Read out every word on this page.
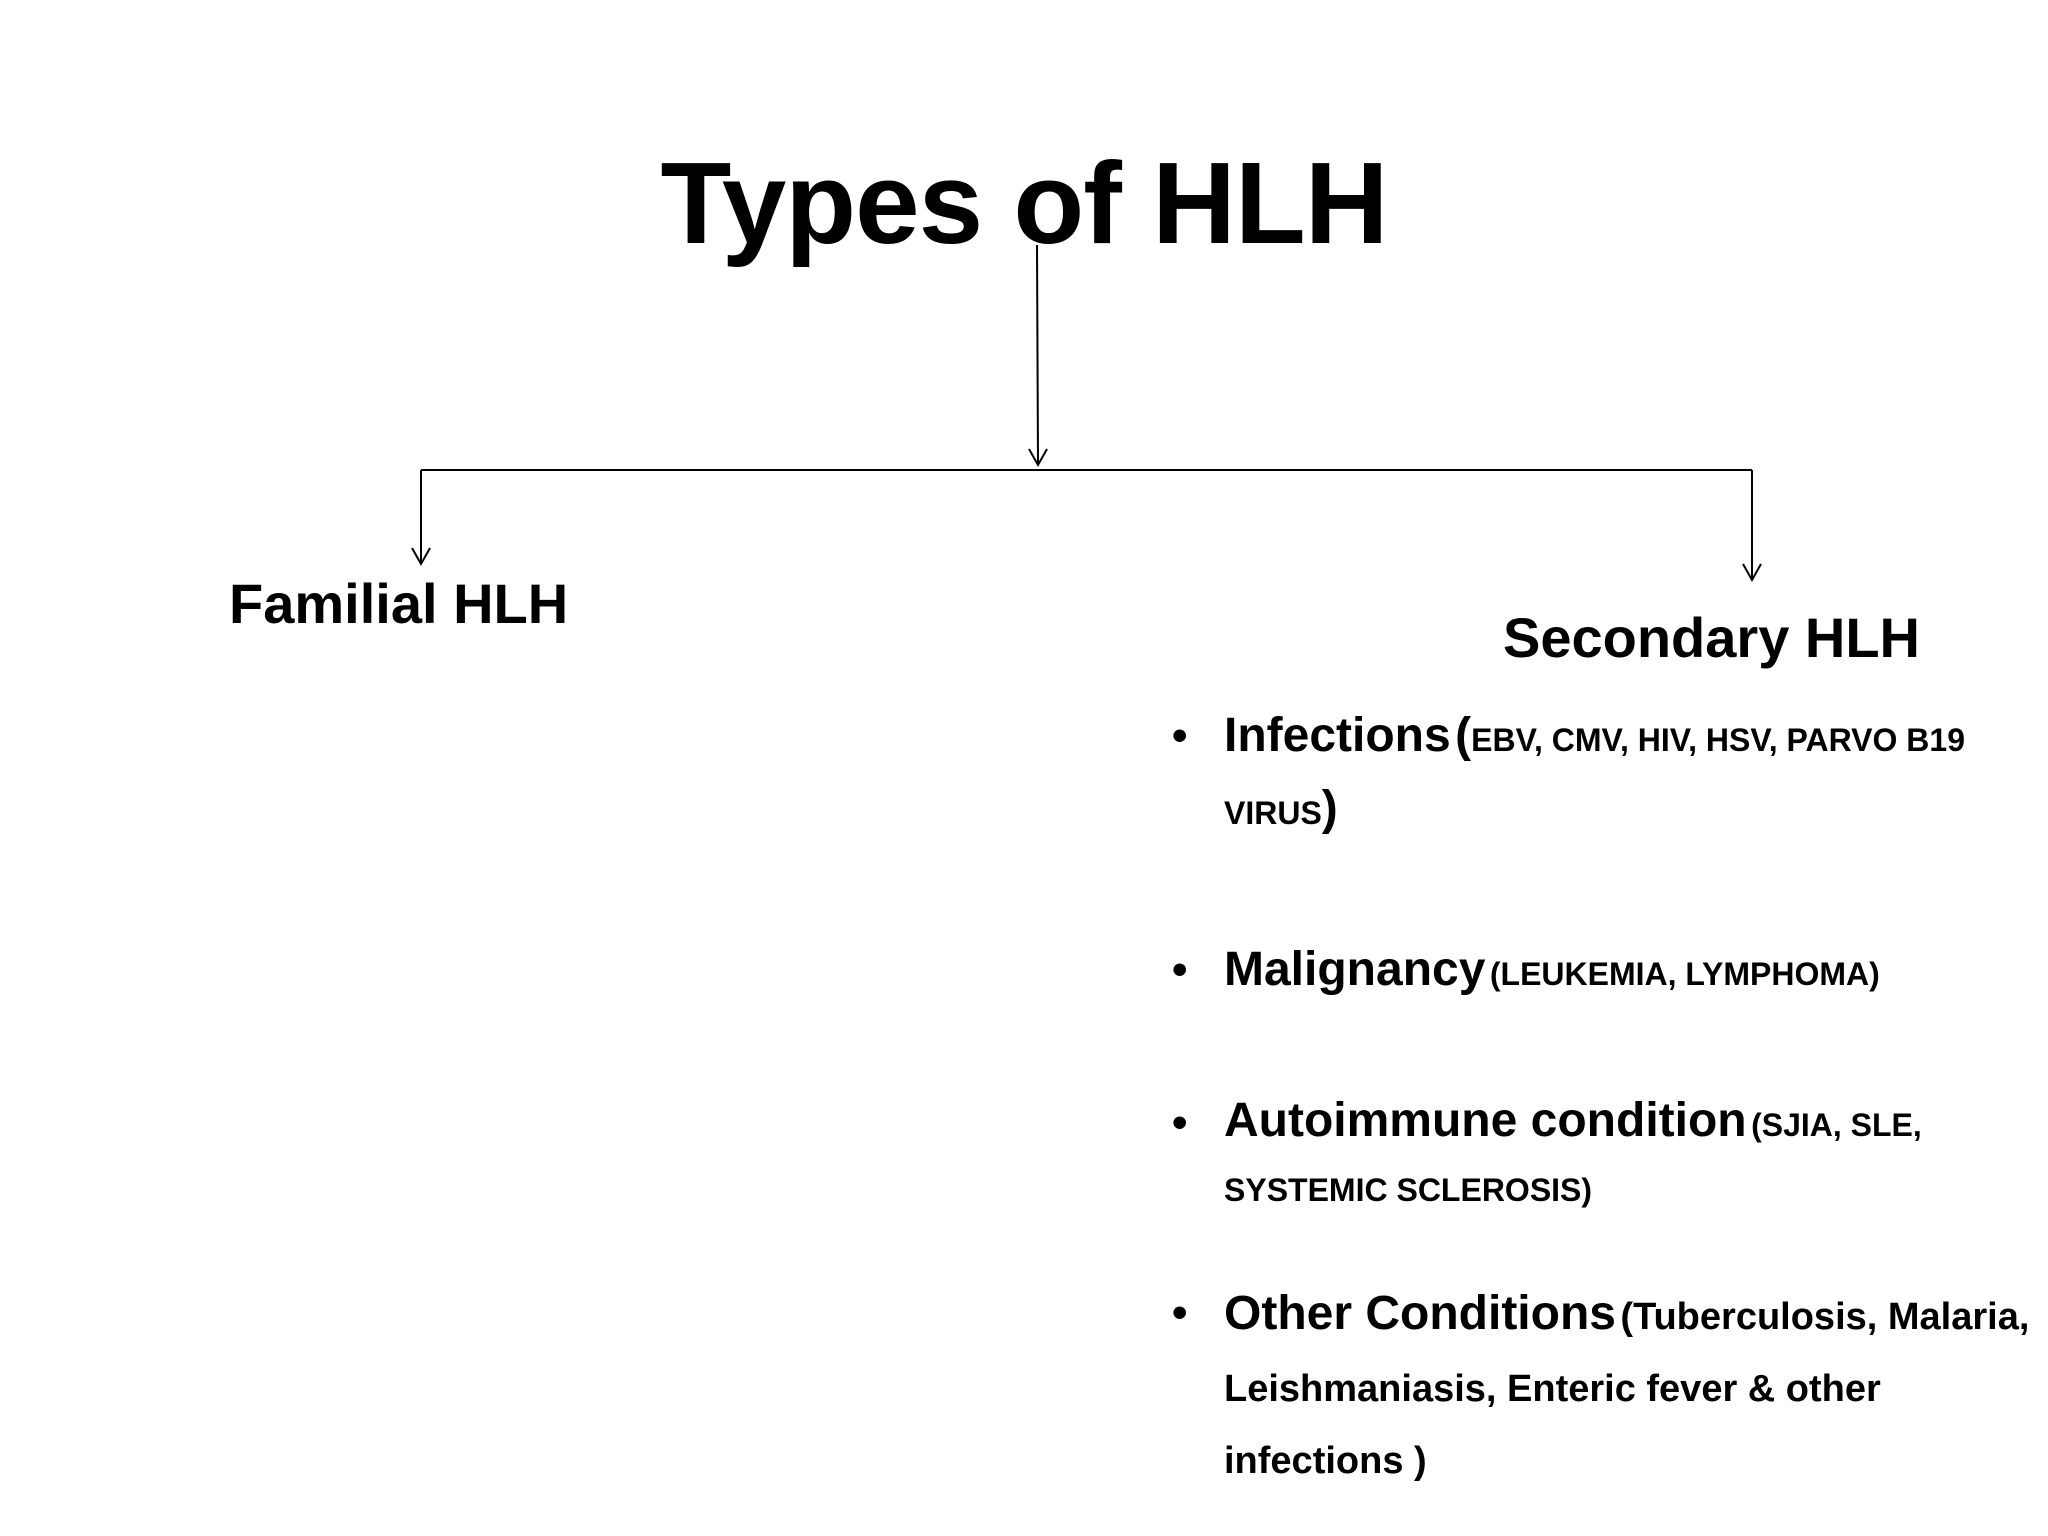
Types of HLH
Familial HLH
Secondary HLH
• Infections (EBV, CMV, HIV, HSV, PARVO B19 VIRUS)
• Malignancy (LEUKEMIA, LYMPHOMA)
• Autoimmune condition (SJIA, SLE, SYSTEMIC SCLEROSIS)
• Other Conditions (Tuberculosis, Malaria, Leishmaniasis, Enteric fever & other infections )
